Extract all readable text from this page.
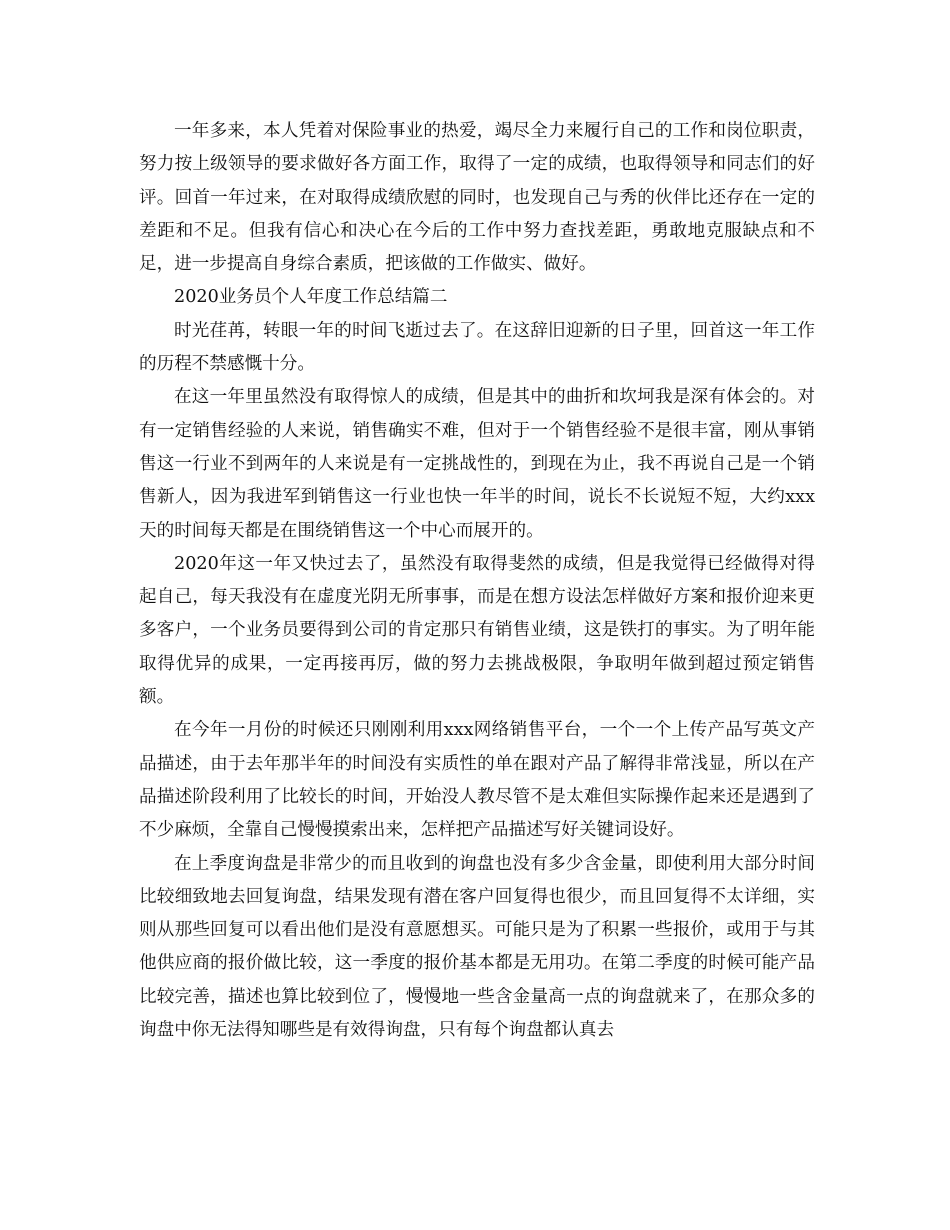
一年多来，本人凭着对保险事业的热爱，竭尽全力来履行自己的工作和岗位职责，努力按上级领导的要求做好各方面工作，取得了一定的成绩，也取得领导和同志们的好评。回首一年过来，在对取得成绩欣慰的同时，也发现自己与秀的伙伴比还存在一定的差距和不足。但我有信心和决心在今后的工作中努力查找差距，勇敢地克服缺点和不足，进一步提高自身综合素质，把该做的工作做实、做好。

2020业务员个人年度工作总结篇二

时光荏苒，转眼一年的时间飞逝过去了。在这辞旧迎新的日子里，回首这一年工作的历程不禁感慨十分。

在这一年里虽然没有取得惊人的成绩，但是其中的曲折和坎坷我是深有体会的。对有一定销售经验的人来说，销售确实不难，但对于一个销售经验不是很丰富，刚从事销售这一行业不到两年的人来说是有一定挑战性的，到现在为止，我不再说自己是一个销售新人，因为我进军到销售这一行业也快一年半的时间，说长不长说短不短，大约xxx天的时间每天都是在围绕销售这一个中心而展开的。

2020年这一年又快过去了，虽然没有取得斐然的成绩，但是我觉得已经做得对得起自己，每天我没有在虚度光阴无所事事，而是在想方设法怎样做好方案和报价迎来更多客户，一个业务员要得到公司的肯定那只有销售业绩，这是铁打的事实。为了明年能取得优异的成果，一定再接再厉，做的努力去挑战极限，争取明年做到超过预定销售额。

在今年一月份的时候还只刚刚利用xxx网络销售平台，一个一个上传产品写英文产品描述，由于去年那半年的时间没有实质性的单在跟对产品了解得非常浅显，所以在产品描述阶段利用了比较长的时间，开始没人教尽管不是太难但实际操作起来还是遇到了不少麻烦，全靠自己慢慢摸索出来，怎样把产品描述写好关键词设好。

在上季度询盘是非常少的而且收到的询盘也没有多少含金量，即使利用大部分时间比较细致地去回复询盘，结果发现有潜在客户回复得也很少，而且回复得不太详细，实则从那些回复可以看出他们是没有意愿想买。可能只是为了积累一些报价，或用于与其他供应商的报价做比较，这一季度的报价基本都是无用功。在第二季度的时候可能产品比较完善，描述也算比较到位了，慢慢地一些含金量高一点的询盘就来了，在那众多的询盘中你无法得知哪些是有效得询盘，只有每个询盘都认真去
